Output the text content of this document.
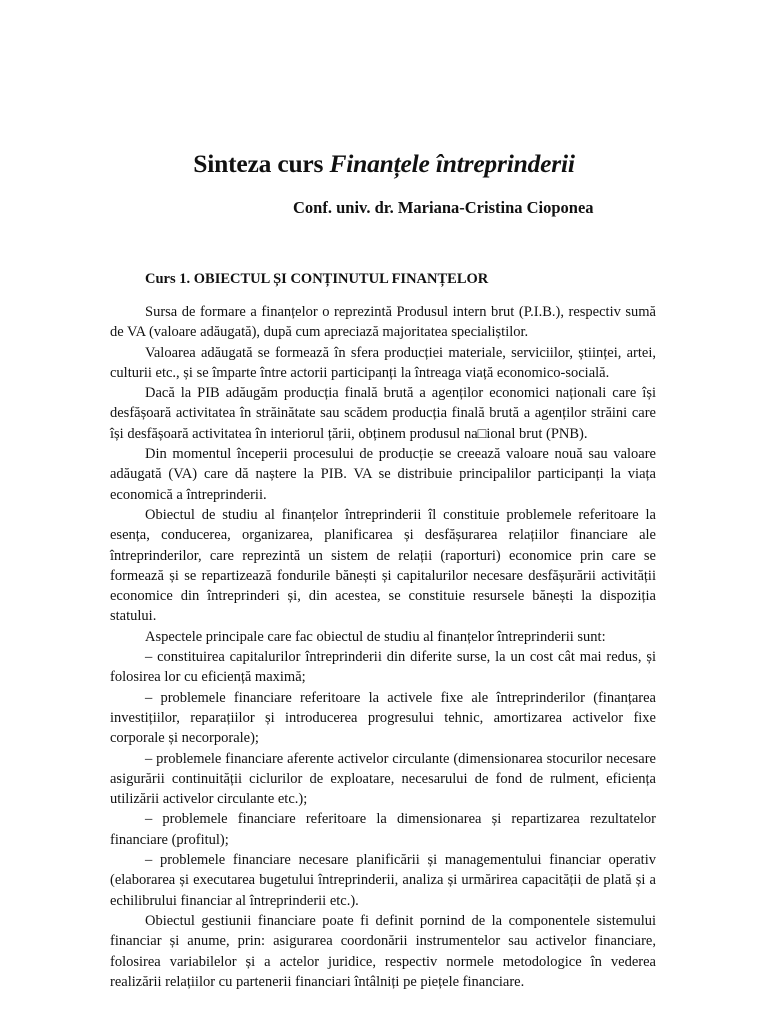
Sinteza curs Finanțele întreprinderii
Conf. univ. dr. Mariana-Cristina Cioponea
Curs 1. OBIECTUL ȘI CONȚINUTUL FINANȚELOR

Sursa de formare a finanțelor o reprezintă Produsul intern brut (P.I.B.), respectiv sumă de VA (valoare adăugată), după cum apreciază majoritatea specialiștilor.

Valoarea adăugată se formează în sfera producției materiale, serviciilor, științei, artei, culturii etc., și se împarte între actorii participanți la întreaga viață economico-socială.

Dacă la PIB adăugăm producția finală brută a agenților economici naționali care își desfășoară activitatea în străinătate sau scădem producția finală brută a agenților străini care își desfășoară activitatea în interiorul țării, obținem produsul na□ional brut (PNB).

Din momentul începerii procesului de producție se creează valoare nouă sau valoare adăugată (VA) care dă naștere la PIB. VA se distribuie principalilor participanți la viața economică a întreprinderii.

Obiectul de studiu al finanțelor întreprinderii îl constituie problemele referitoare la esența, conducerea, organizarea, planificarea și desfășurarea relațiilor financiare ale întreprinderilor, care reprezintă un sistem de relații (raporturi) economice prin care se formează și se repartizează fondurile bănești și capitalurilor necesare desfășurării activității economice din întreprinderi și, din acestea, se constituie resursele bănești la dispoziția statului.

Aspectele principale care fac obiectul de studiu al finanțelor întreprinderii sunt:

– constituirea capitalurilor întreprinderii din diferite surse, la un cost cât mai redus, și folosirea lor cu eficiență maximă;

– problemele financiare referitoare la activele fixe ale întreprinderilor (finanțarea investițiilor, reparațiilor și introducerea progresului tehnic, amortizarea activelor fixe corporale și necorporale);

– problemele financiare aferente activelor circulante (dimensionarea stocurilor necesare asigurării continuității ciclurilor de exploatare, necesarului de fond de rulment, eficiența utilizării activelor circulante etc.);

– problemele financiare referitoare la dimensionarea și repartizarea rezultatelor financiare (profitul);

– problemele financiare necesare planificării și managementului financiar operativ (elaborarea și executarea bugetului întreprinderii, analiza și urmărirea capacității de plată și a echilibrului financiar al întreprinderii etc.).

Obiectul gestiunii financiare poate fi definit pornind de la componentele sistemului financiar și anume, prin: asigurarea coordonării instrumentelor sau activelor financiare, folosirea variabilelor și a actelor juridice, respectiv normele metodologice în vederea realizării relațiilor cu partenerii financiari întâlniți pe piețele financiare.
